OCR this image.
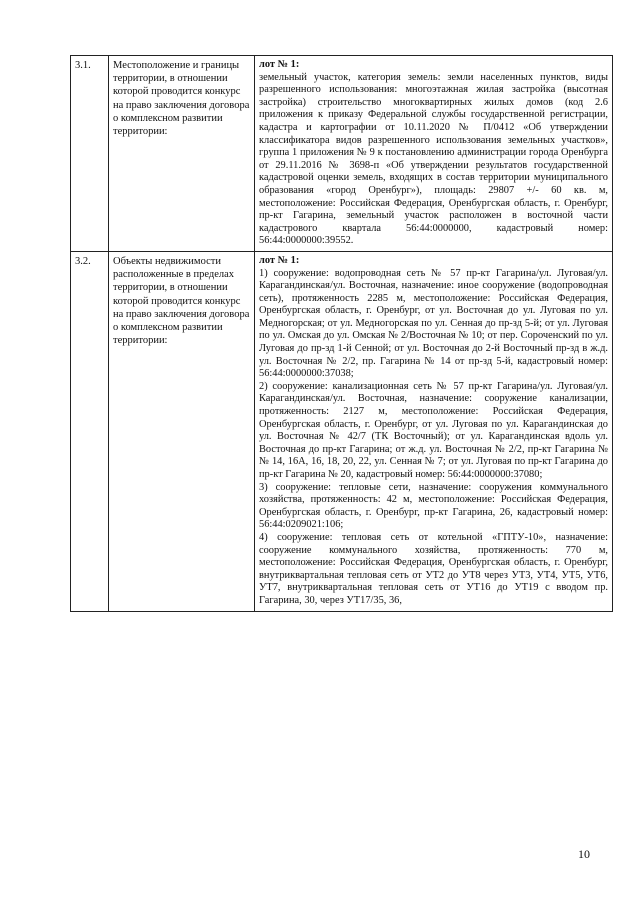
3.1.	Местоположение и границы территории, в отношении которой проводится конкурс на право заключения договора о комплексном развитии территории:	лот № 1:
земельный участок, категория земель: земли населенных пунктов, виды разрешенного использования: многоэтажная жилая застройка (высотная застройка) строительство многоквартирных жилых домов (код 2.6 приложения к приказу Федеральной службы государственной регистрации, кадастра и картографии от 10.11.2020 № П/0412 «Об утверждении классификатора видов разрешенного использования земельных участков», группа 1 приложения № 9 к постановлению администрации города Оренбурга от 29.11.2016 № 3698-п «Об утверждении результатов государственной кадастровой оценки земель, входящих в состав территории муниципального образования «город Оренбург»), площадь: 29807 +/- 60 кв. м, местоположение: Российская Федерация, Оренбургская область, г. Оренбург, пр-кт Гагарина, земельный участок расположен в восточной части кадастрового квартала 56:44:0000000, кадастровый номер: 56:44:0000000:39552.

3.2.	Объекты недвижимости расположенные в пределах территории, в отношении которой проводится конкурс на право заключения договора о комплексном развитии территории:	лот № 1:
1) сооружение: водопроводная сеть № 57 пр-кт Гагарина/ул. Луговая/ул. Карагандинская/ул. Восточная, назначение: иное сооружение (водопроводная сеть), протяженность 2285 м, местоположение: Российская Федерация, Оренбургская область, г. Оренбург, от ул. Восточная до ул. Луговая по ул. Медногорская; от ул. Медногорская по ул. Сенная до пр-зд 5-й; от ул. Луговая по ул. Омская до ул. Омская № 2/Восточная № 10; от пер. Сороченский по ул. Луговая до пр-зд 1-й Сенной; от ул. Восточная до 2-й Восточный пр-зд в ж.д. ул. Восточная № 2/2, пр. Гагарина № 14 от пр-зд 5-й, кадастровый номер: 56:44:0000000:37038;
2) сооружение: канализационная сеть № 57 пр-кт Гагарина/ул. Луговая/ул. Карагандинская/ул. Восточная, назначение: сооружение канализации, протяженность: 2127 м, местоположение: Российская Федерация, Оренбургская область, г. Оренбург, от ул. Луговая по ул. Карагандинская до ул. Восточная № 42/7 (ТК Восточный); от ул. Карагандинская вдоль ул. Восточная до пр-кт Гагарина; от ж.д. ул. Восточная № 2/2, пр-кт Гагарина №№ 14, 16А, 16, 18, 20, 22, ул. Сенная № 7; от ул. Луговая по пр-кт Гагарина до пр-кт Гагарина № 20, кадастровый номер: 56:44:0000000:37080;
3) сооружение: тепловые сети, назначение: сооружения коммунального хозяйства, протяженность: 42 м, местоположение: Российская Федерация, Оренбургская область, г. Оренбург, пр-кт Гагарина, 26, кадастровый номер: 56:44:0209021:106;
4) сооружение: тепловая сеть от котельной «ГПТУ-10», назначение: сооружение коммунального хозяйства, протяженность: 770 м, местоположение: Российская Федерация, Оренбургская область, г. Оренбург, внутриквартальная тепловая сеть от УТ2 до УТ8 через УТ3, УТ4, УТ5, УТ6, УТ7, внутриквартальная тепловая сеть от УТ16 до УТ19 с вводом пр. Гагарина, 30, через УТ17/35, 36,
10
